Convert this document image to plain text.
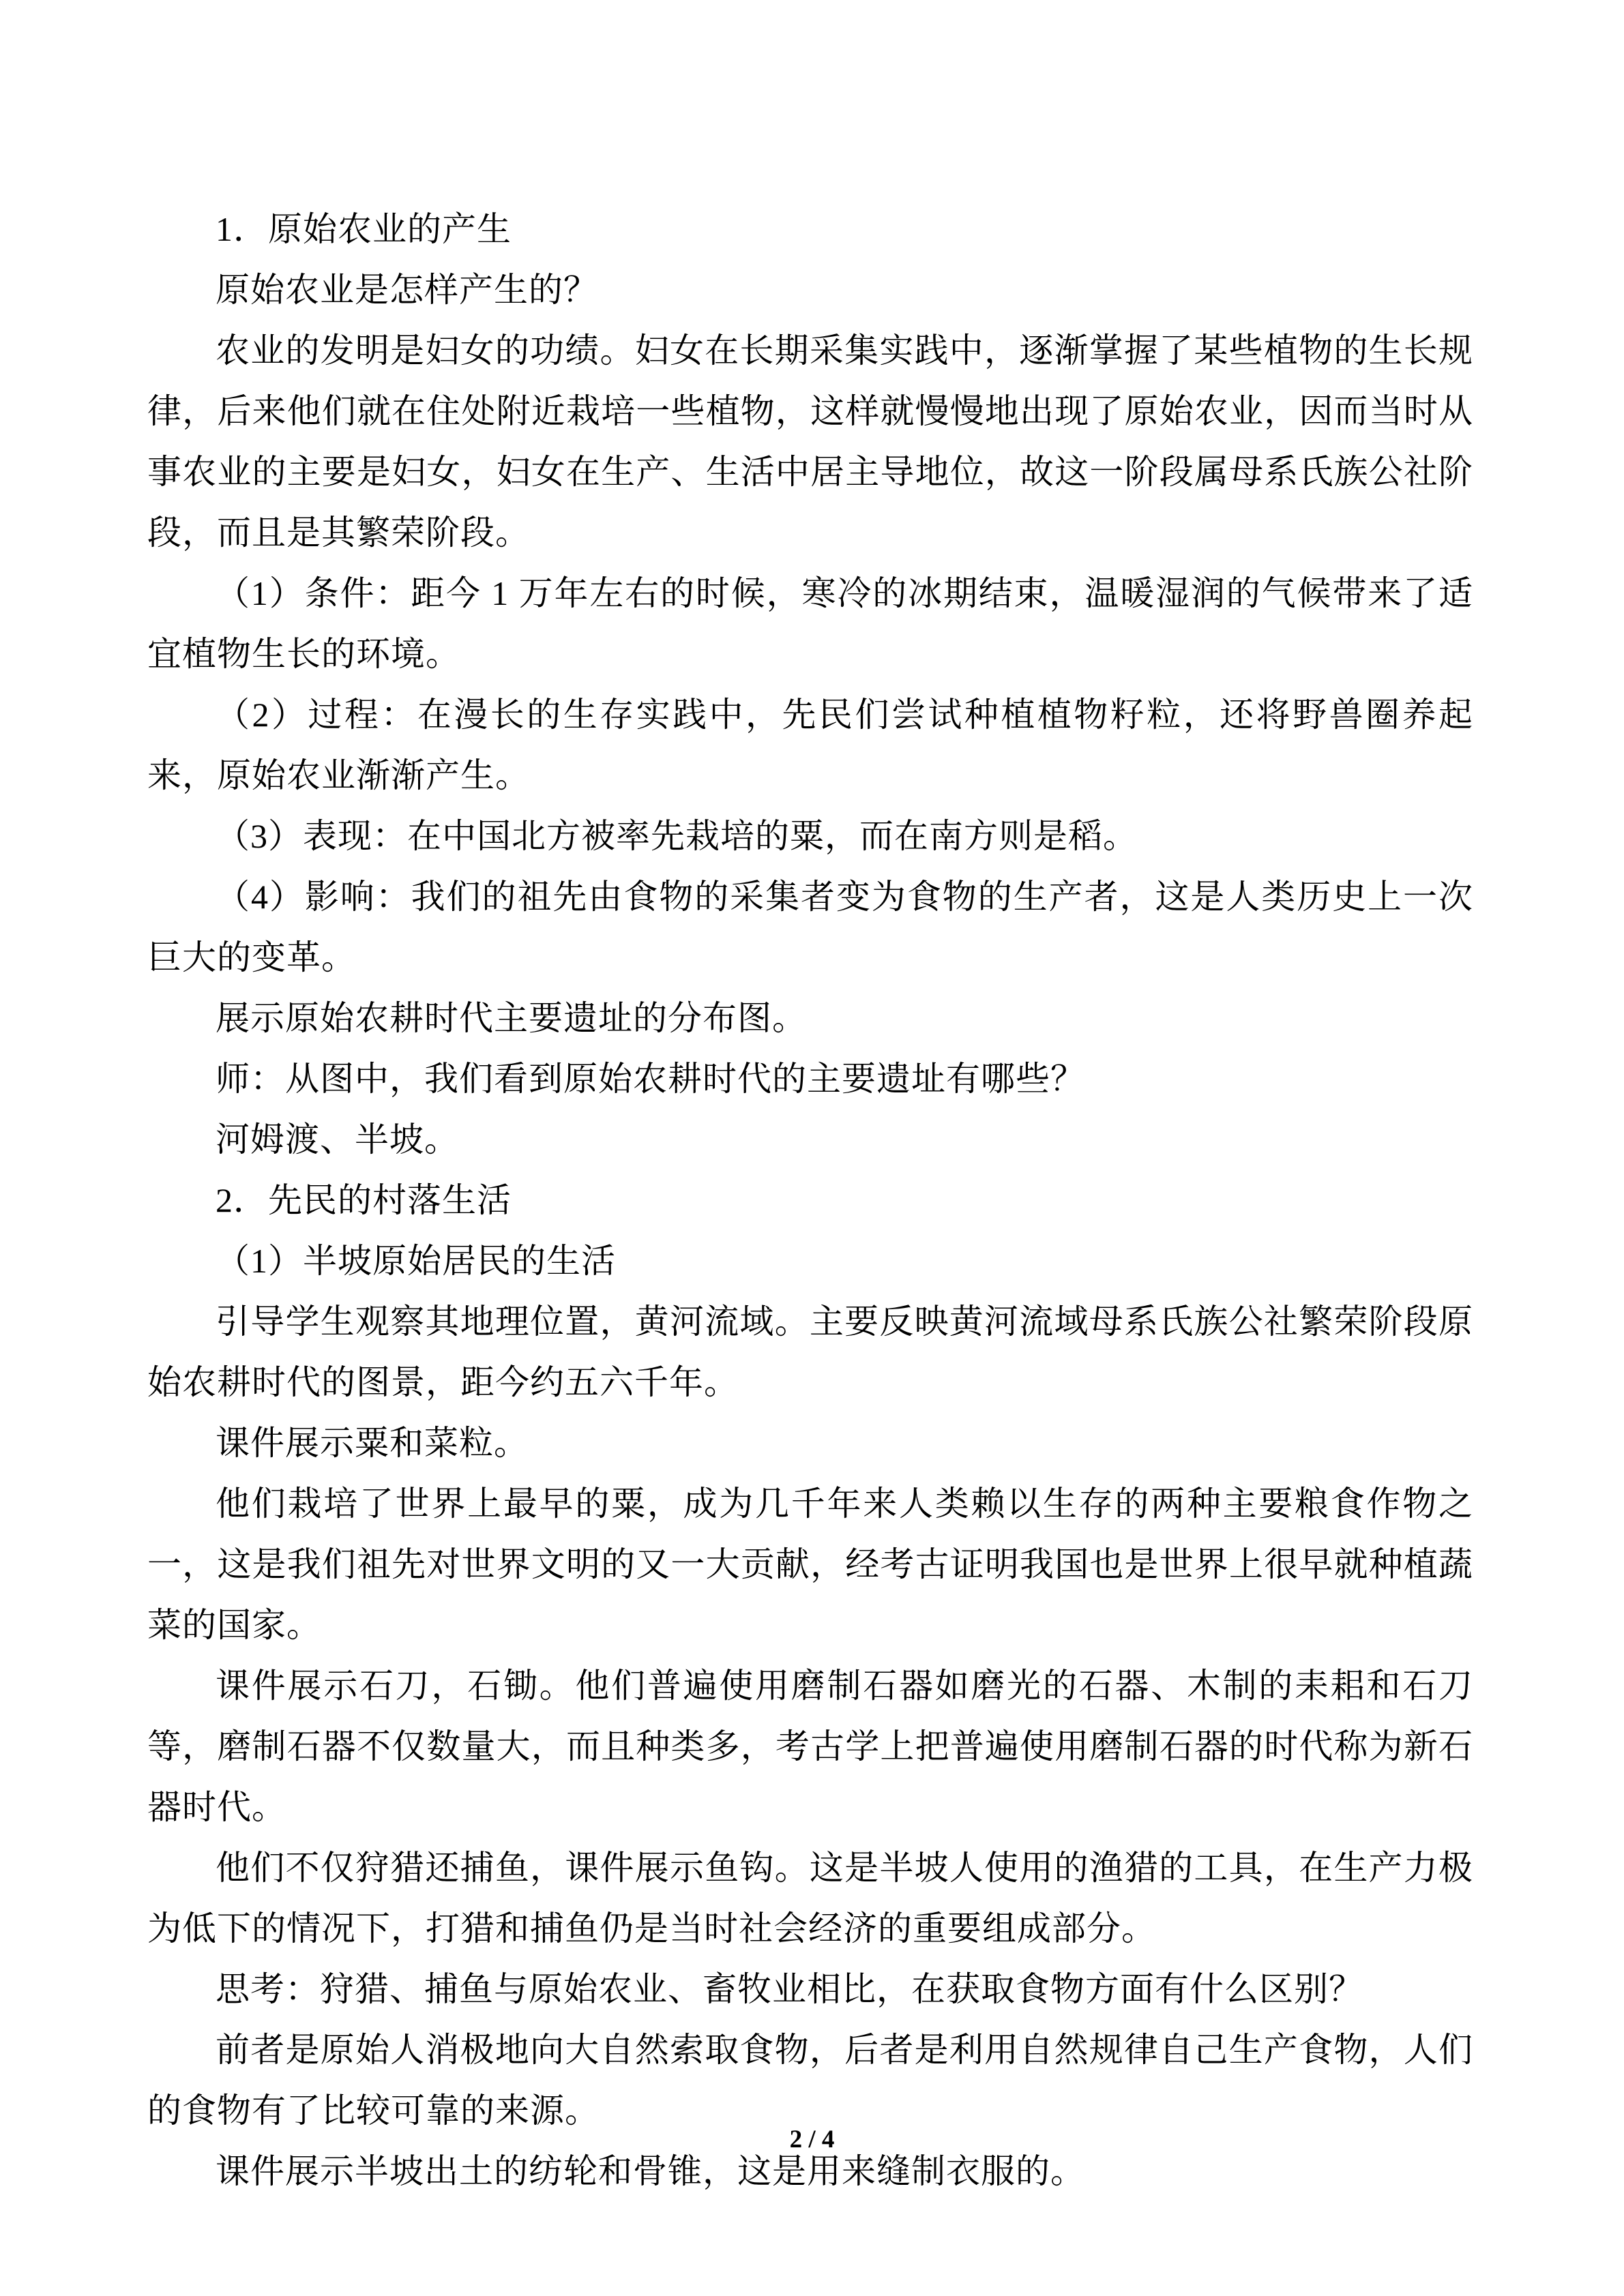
1．原始农业的产生

原始农业是怎样产生的？

农业的发明是妇女的功绩。妇女在长期采集实践中，逐渐掌握了某些植物的生长规律，后来他们就在住处附近栽培一些植物，这样就慢慢地出现了原始农业，因而当时从事农业的主要是妇女，妇女在生产、生活中居主导地位，故这一阶段属母系氏族公社阶段，而且是其繁荣阶段。

（1）条件：距今 1 万年左右的时候，寒冷的冰期结束，温暖湿润的气候带来了适宜植物生长的环境。

（2）过程：在漫长的生存实践中，先民们尝试种植植物籽粒，还将野兽圈养起来，原始农业渐渐产生。

（3）表现：在中国北方被率先栽培的粟，而在南方则是稻。

（4）影响：我们的祖先由食物的采集者变为食物的生产者，这是人类历史上一次巨大的变革。

展示原始农耕时代主要遗址的分布图。

师：从图中，我们看到原始农耕时代的主要遗址有哪些？

河姆渡、半坡。

2．先民的村落生活

（1）半坡原始居民的生活

引导学生观察其地理位置，黄河流域。主要反映黄河流域母系氏族公社繁荣阶段原始农耕时代的图景，距今约五六千年。

课件展示粟和菜粒。

他们栽培了世界上最早的粟，成为几千年来人类赖以生存的两种主要粮食作物之一，这是我们祖先对世界文明的又一大贡献，经考古证明我国也是世界上很早就种植蔬菜的国家。

课件展示石刀，石锄。他们普遍使用磨制石器如磨光的石器、木制的耒耜和石刀等，磨制石器不仅数量大，而且种类多，考古学上把普遍使用磨制石器的时代称为新石器时代。

他们不仅狩猎还捕鱼，课件展示鱼钩。这是半坡人使用的渔猎的工具，在生产力极为低下的情况下，打猎和捕鱼仍是当时社会经济的重要组成部分。

思考：狩猎、捕鱼与原始农业、畜牧业相比，在获取食物方面有什么区别？

前者是原始人消极地向大自然索取食物，后者是利用自然规律自己生产食物，人们的食物有了比较可靠的来源。

课件展示半坡出土的纺轮和骨锥，这是用来缝制衣服的。

2 / 4
